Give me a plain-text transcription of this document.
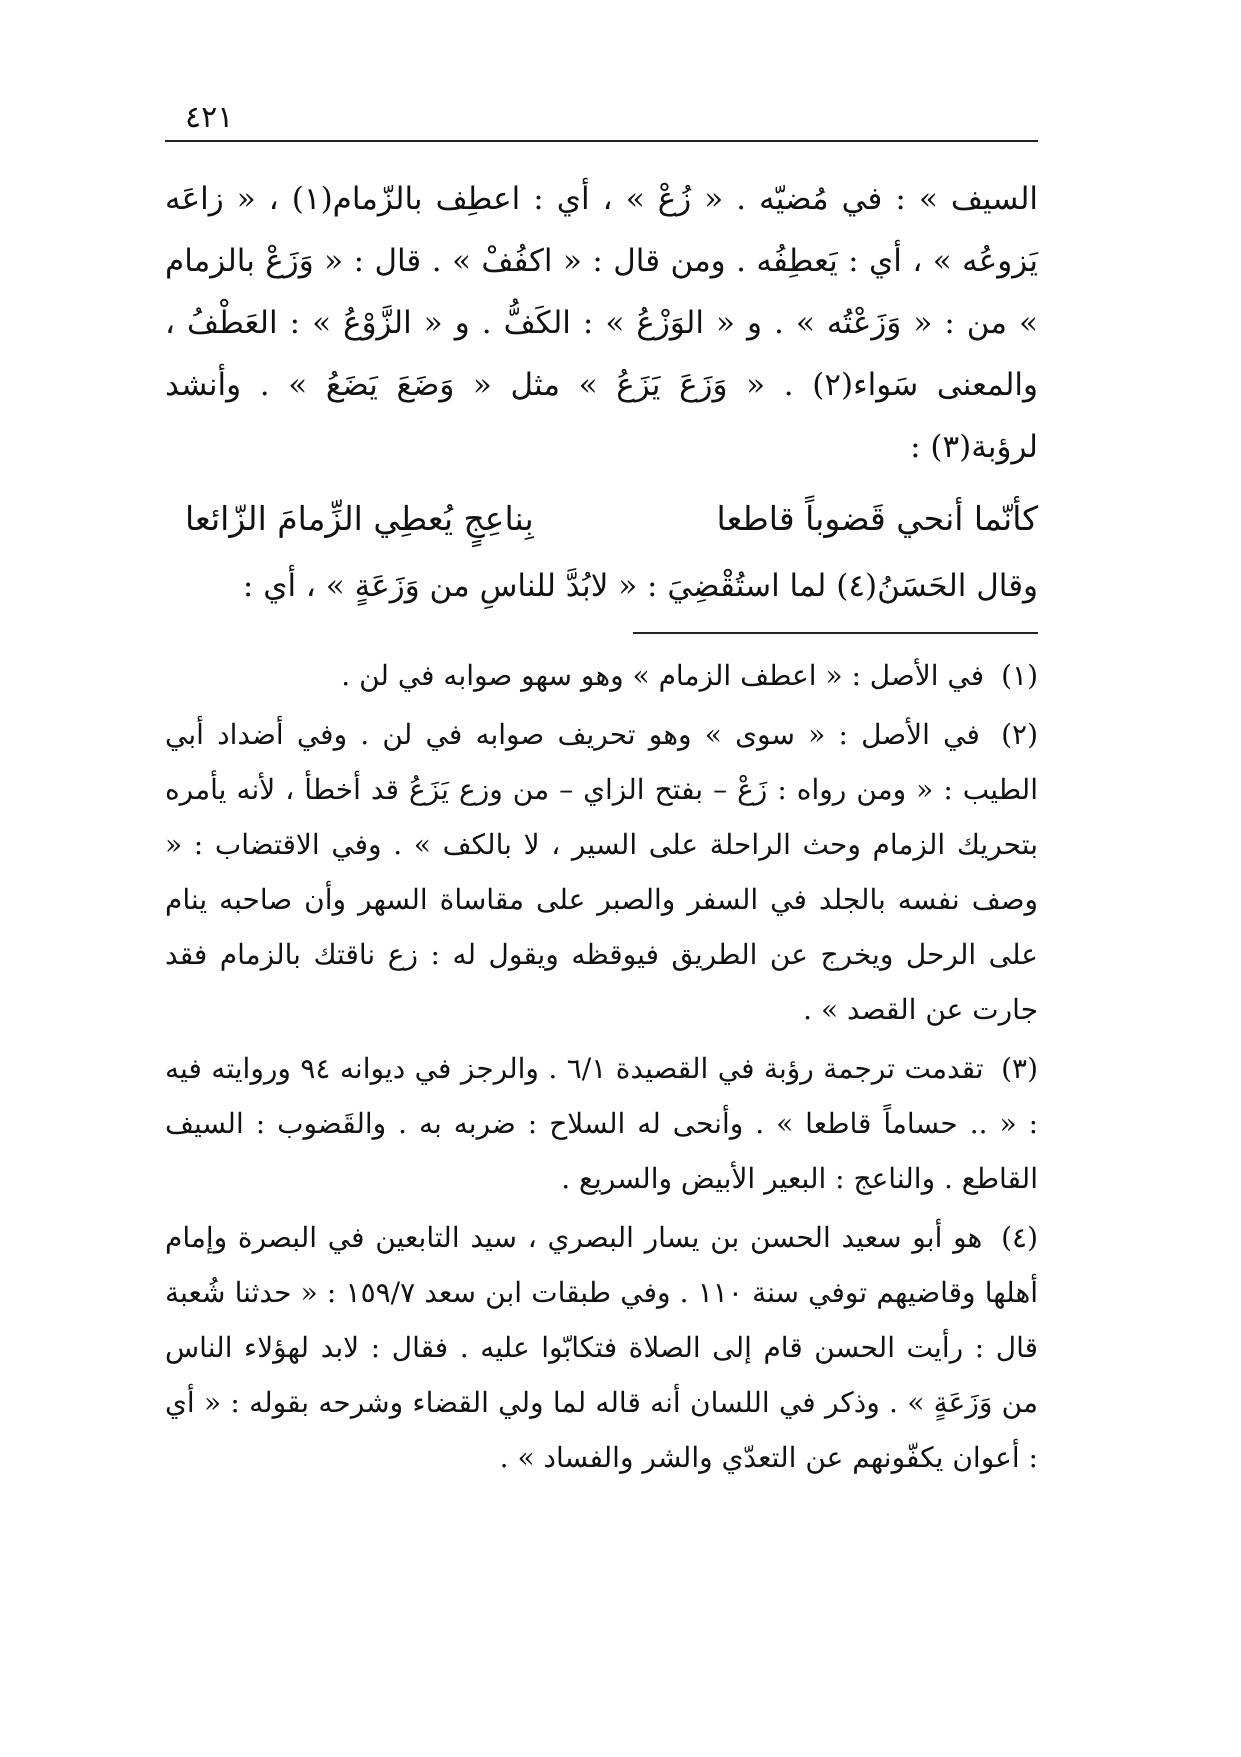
٤٢١

السيف » : في مُضيّه . « زُعْ » ، أي : اعطِف بالزّمام(١) ، « زاعَه يَزوعُه » ، أي : يَعطِفُه . ومن قال : « اكفُفْ » . قال : « وَزَعْ بالزمام » من : « وَزَعْتُه » . و « الوَزْعُ » : الكَفُّ . و « الزَّوْعُ » : العَطْفُ ، والمعنى سَواء(٢) . « وَزَعَ يَزَعُ » مثل « وَضَعَ يَضَعُ » . وأنشد لرؤبة(٣) :

كأنّما أنحي قَضوباً قاطعا
بِناعِجٍ يُعطِي الزِّمامَ الزّائعا
وقال الحَسَنُ(٤) لما استُقْضِيَ : « لابُدَّ للناسِ من وَزَعَةٍ » ، أي :

(١) في الأصل : « اعطف الزمام » وهو سهو صوابه في لن .

(٢) في الأصل : « سوى » وهو تحريف صوابه في لن . وفي أضداد أبي الطيب : « ومن رواه : زَعْ – بفتح الزاي – من وزع يَزَعُ قد أخطأ ، لأنه يأمره بتحريك الزمام وحث الراحلة على السير ، لا بالكف » . وفي الاقتضاب : « وصف نفسه بالجلد في السفر والصبر على مقاساة السهر وأن صاحبه ينام على الرحل ويخرج عن الطريق فيوقظه ويقول له : زع ناقتك بالزمام فقد جارت عن القصد » .

(٣) تقدمت ترجمة رؤبة في القصيدة ٦/١ . والرجز في ديوانه ٩٤ وروايته فيه : « .. حساماً قاطعا » . وأنحى له السلاح : ضربه به . والقَضوب : السيف القاطع . والناعج : البعير الأبيض والسريع .

(٤) هو أبو سعيد الحسن بن يسار البصري ، سيد التابعين في البصرة وإمام أهلها وقاضيهم توفي سنة ١١٠ . وفي طبقات ابن سعد ١٥٩/٧ : « حدثنا شُعبة قال : رأيت الحسن قام إلى الصلاة فتكابّوا عليه . فقال : لابد لهؤلاء الناس من وَزَعَةٍ » . وذكر في اللسان أنه قاله لما ولي القضاء وشرحه بقوله : « أي : أعوان يكفّونهم عن التعدّي والشر والفساد » .
